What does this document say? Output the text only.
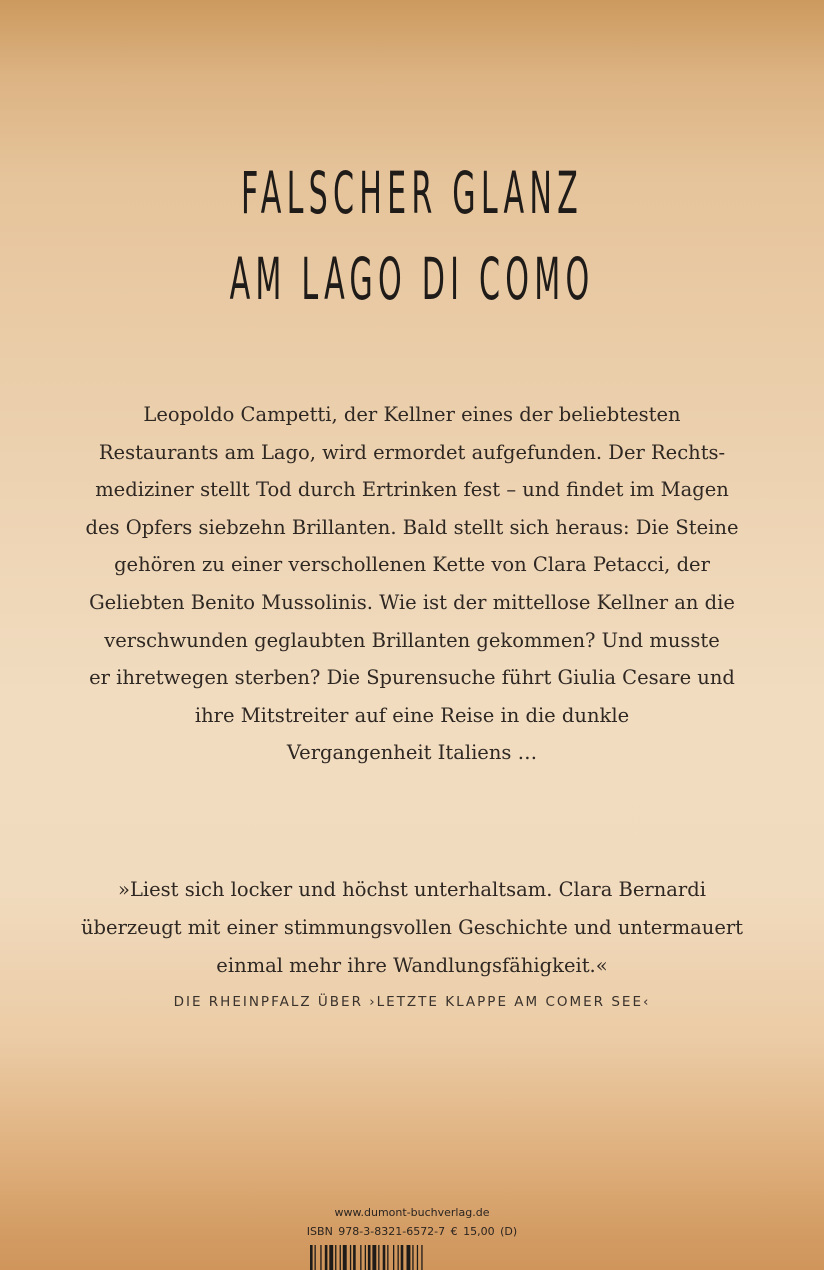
FALSCHER GLANZ
AM LAGO DI COMO
Leopoldo Campetti, der Kellner eines der beliebtesten
Restaurants am Lago, wird ermordet aufgefunden. Der Rechts-
mediziner stellt Tod durch Ertrinken fest – und findet im Magen
des Opfers siebzehn Brillanten. Bald stellt sich heraus: Die Steine
gehören zu einer verschollenen Kette von Clara Petacci, der
Geliebten Benito Mussolinis. Wie ist der mittellose Kellner an die
verschwunden geglaubten Brillanten gekommen? Und musste
er ihretwegen sterben? Die Spurensuche führt Giulia Cesare und
ihre Mitstreiter auf eine Reise in die dunkle
Vergangenheit Italiens …
»Liest sich locker und höchst unterhaltsam. Clara Bernardi
überzeugt mit einer stimmungsvollen Geschichte und untermauert
einmal mehr ihre Wandlungsfähigkeit.«
DIE RHEINPFALZ ÜBER ›LETZTE KLAPPE AM COMER SEE‹
www.dumont-buchverlag.de
ISBN 978-3-8321-6572-7 € 15,00 (D)
